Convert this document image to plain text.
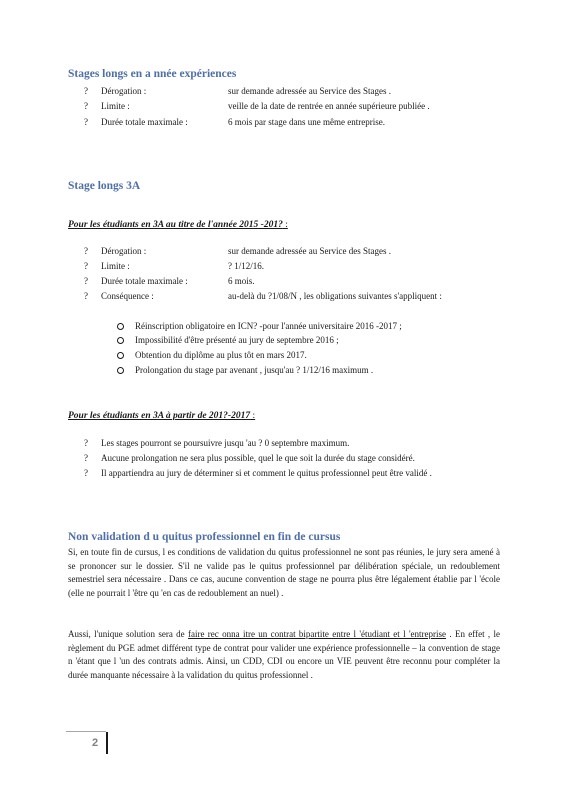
Stages longs en a nnée expériences
? Dérogation :	sur demande adressée au Service des Stages .
? Limite :	veille de la date de rentrée en année supérieure publiée .
? Durée totale maximale :	6 mois par stage dans une même entreprise.
Stage longs 3A

Pour les étudiants en 3A au titre de l'année 2015 -201? :

? Dérogation :	sur demande adressée au Service des Stages .
? Limite :	? 1/12/16.
? Durée totale maximale :	6 mois.
? Conséquence :	au-delà du ?1/08/N , les obligations suivantes s'appliquent :
Réinscription obligatoire en ICN? -pour l'année universitaire 2016 -2017 ;
Impossibilité d'être présenté au jury de septembre 2016 ;
Obtention du diplôme au plus tôt en mars 2017.
Prolongation du stage par avenant , jusqu'au ? 1/12/16 maximum .

Pour les étudiants en 3A à partir de 201?-2017 :

? Les stages pourront se poursuivre jusqu 'au ? 0 septembre maximum.
? Aucune prolongation ne sera plus possible, quel le que soit la durée du stage considéré.
? Il appartiendra au jury de déterminer si et comment le quitus professionnel peut être validé .
Non validation d u quitus professionnel en fin de cursus

Si, en toute fin de cursus, l es conditions de validation du quitus professionnel ne sont pas réunies, le jury sera amené à se prononcer sur le dossier. S'il ne valide pas le quitus professionnel par délibération spéciale, un redoublement semestriel sera nécessaire . Dans ce cas, aucune convention de stage ne pourra plus être légalement établie par l 'école (elle ne pourrait l 'être qu 'en cas de redoublement an nuel) .

Aussi, l'unique solution sera de faire rec onna itre un contrat bipartite entre l 'étudiant et l 'entreprise . En effet , le règlement du PGE admet différent type de contrat pour valider une expérience professionnelle – la convention de stage n 'étant que l 'un des contrats admis. Ainsi, un CDD, CDI ou encore un VIE peuvent être reconnu pour compléter la durée manquante nécessaire à la validation du quitus professionnel .

2
